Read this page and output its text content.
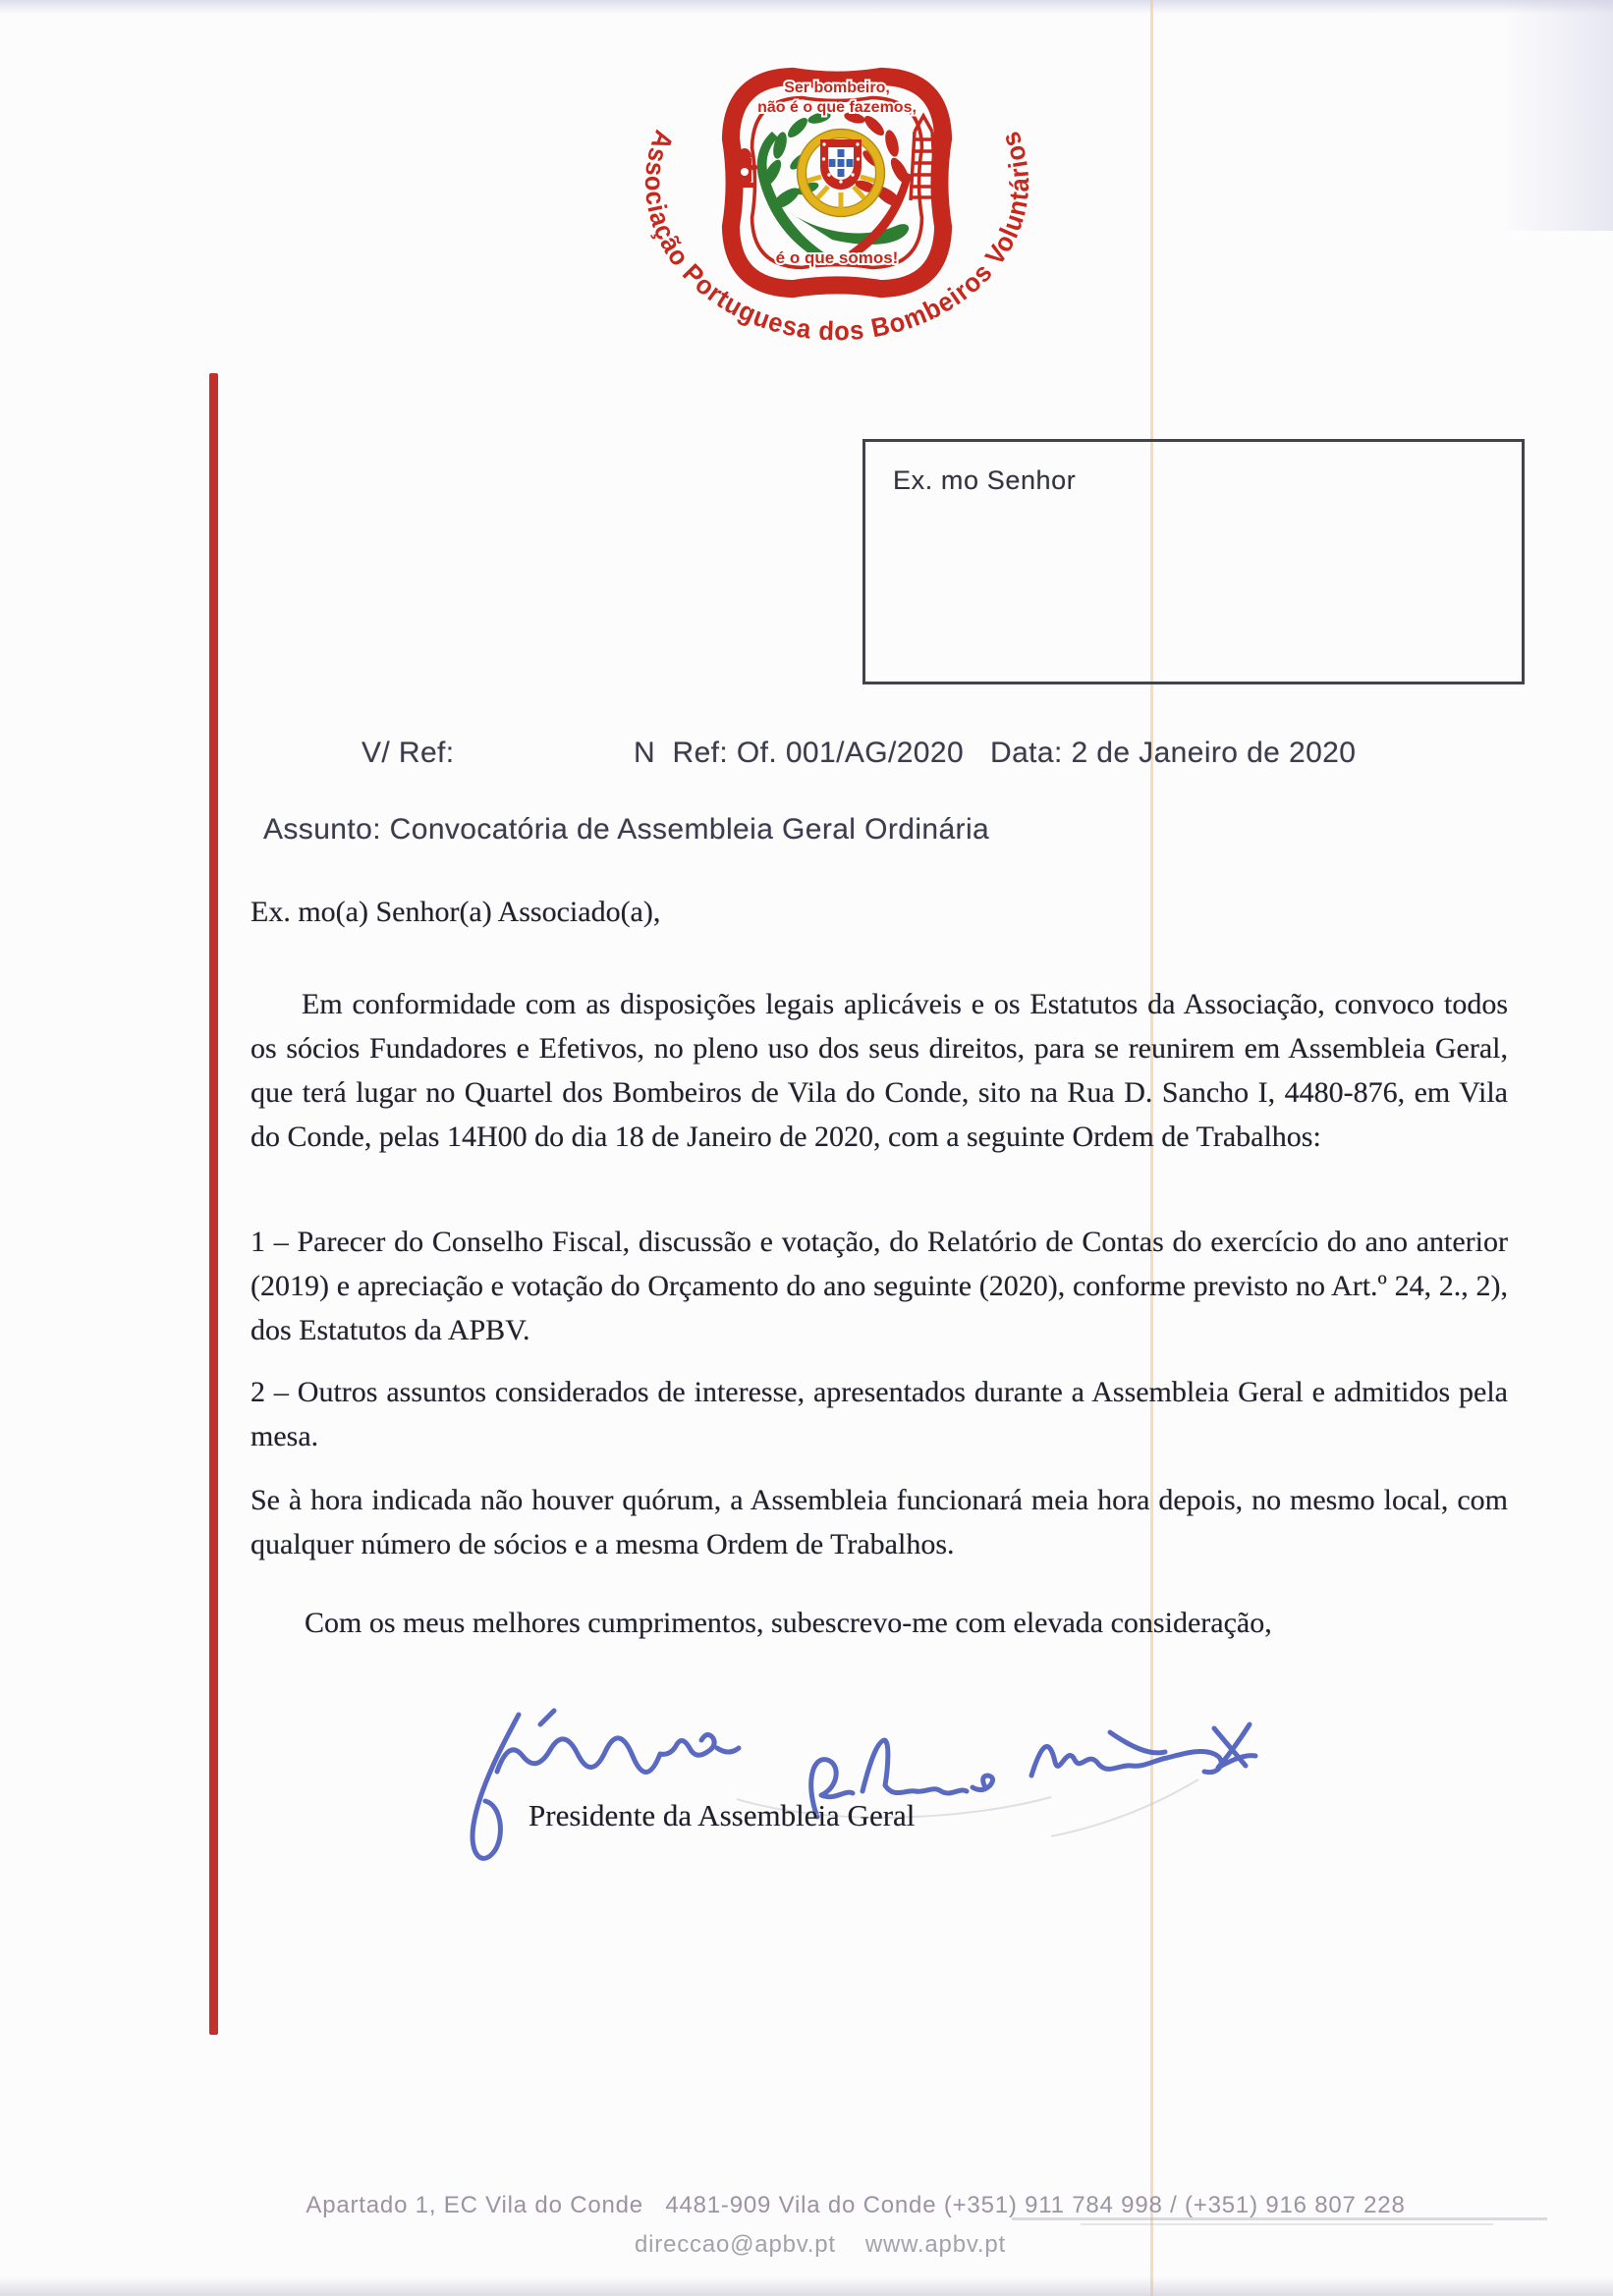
Ser bombeiro,
não é o que fazemos,
é o que somos!
Associação Portuguesa dos Bombeiros Voluntários
Ex. mo Senhor
V/ Ref:	N  Ref: Of. 001/AG/2020 Data: 2 de Janeiro de 2020
Assunto: Convocatória de Assembleia Geral Ordinária

Ex. mo(a) Senhor(a) Associado(a),

Em conformidade com as disposições legais aplicáveis e os Estatutos da Associação, convoco todos os sócios Fundadores e Efetivos, no pleno uso dos seus direitos, para se reunirem em Assembleia Geral, que terá lugar no Quartel dos Bombeiros de Vila do Conde, sito na Rua D. Sancho I, 4480-876, em Vila do Conde, pelas 14H00 do dia 18 de Janeiro de 2020, com a seguinte Ordem de Trabalhos:

1 – Parecer do Conselho Fiscal, discussão e votação, do Relatório de Contas do exercício do ano anterior (2019) e apreciação e votação do Orçamento do ano seguinte (2020), conforme previsto no Art.º 24, 2., 2), dos Estatutos da APBV.

2 – Outros assuntos considerados de interesse, apresentados durante a Assembleia Geral e admitidos pela mesa.

Se à hora indicada não houver quórum, a Assembleia funcionará meia hora depois, no mesmo local, com qualquer número de sócios e a mesma Ordem de Trabalhos.

Com os meus melhores cumprimentos, subescrevo-me com elevada consideração,

Presidente da Assembleia Geral
Apartado 1, EC Vila do Conde   4481-909 Vila do Conde (+351) 911 784 998 / (+351) 916 807 228
direccao@apbv.pt www.apbv.pt
